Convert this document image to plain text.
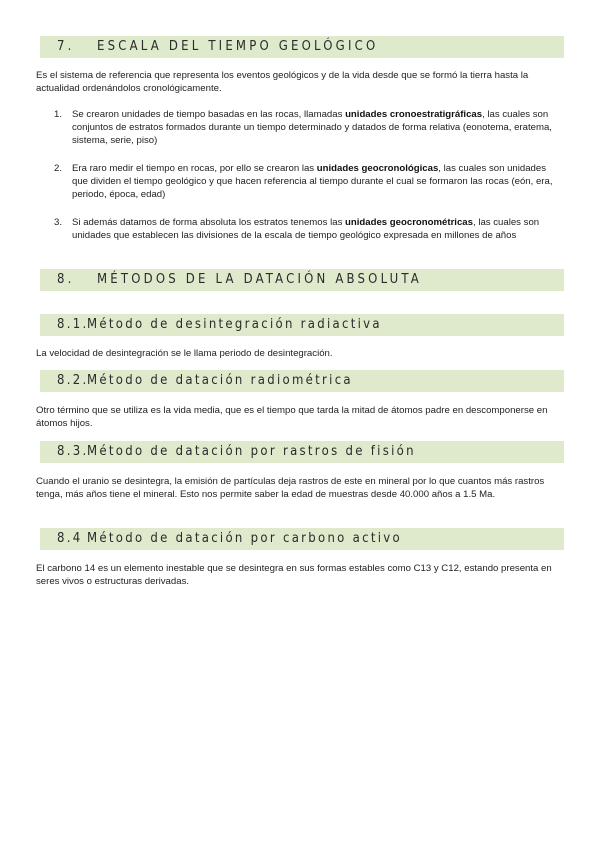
7. ESCALA DEL TIEMPO GEOLÓGICO
Es el sistema de referencia que representa los eventos geológicos y de la vida desde que se formó la tierra hasta la actualidad ordenándolos cronológicamente.
1. Se crearon unidades de tiempo basadas en las rocas, llamadas unidades cronoestratigráficas, las cuales son conjuntos de estratos formados durante un tiempo determinado y datados de forma relativa (eonotema, eratema, sistema, serie, piso)
2. Era raro medir el tiempo en rocas, por ello se crearon las unidades geocronológicas, las cuales son unidades que dividen el tiempo geológico y que hacen referencia al tiempo durante el cual se formaron las rocas (eón, era, periodo, época, edad)
3. Si además datamos de forma absoluta los estratos tenemos las unidades geocronométricas, las cuales son unidades que establecen las divisiones de la escala de tiempo geológico expresada en millones de años
8. MÉTODOS DE LA DATACIÓN ABSOLUTA
8.1.Método de desintegración radiactiva
La velocidad de desintegración se le llama periodo de desintegración.
8.2.Método de datación radiométrica
Otro término que se utiliza es la vida media, que es el tiempo que tarda la mitad de átomos padre en descomponerse en átomos hijos.
8.3.Método de datación por rastros de fisión
Cuando el uranio se desintegra, la emisión de partículas deja rastros de este en mineral por lo que cuantos más rastros tenga, más años tiene el mineral. Esto nos permite saber la edad de muestras desde 40.000 años a 1.5 Ma.
8.4 Método de datación por carbono activo
El carbono 14 es un elemento inestable que se desintegra en sus formas estables como C13 y C12, estando presenta en seres vivos o estructuras derivadas.
